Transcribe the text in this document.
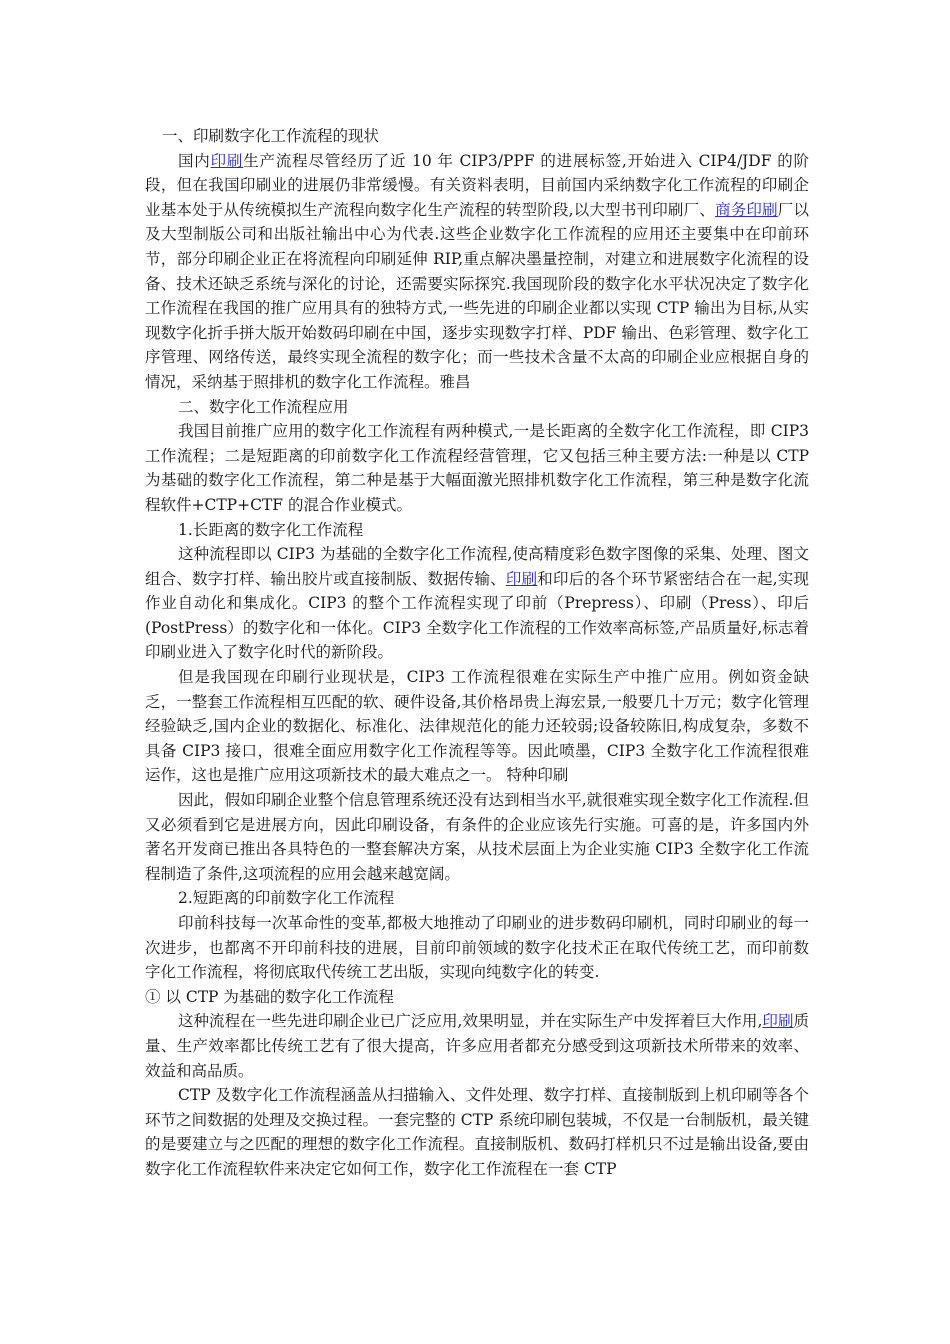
一、印刷数字化工作流程的现状

国内印刷生产流程尽管经历了近 10 年 CIP3/PPF 的进展标签,开始进入 CIP4/JDF 的阶段，但在我国印刷业的进展仍非常缓慢。有关资料表明，目前国内采纳数字化工作流程的印刷企业基本处于从传统模拟生产流程向数字化生产流程的转型阶段,以大型书刊印刷厂、商务印刷厂以及大型制版公司和出版社输出中心为代表.这些企业数字化工作流程的应用还主要集中在印前环节，部分印刷企业正在将流程向印刷延伸 RIP,重点解决墨量控制，对建立和进展数字化流程的设备、技术还缺乏系统与深化的讨论，还需要实际探究.我国现阶段的数字化水平状况决定了数字化工作流程在我国的推广应用具有的独特方式,一些先进的印刷企业都以实现 CTP 输出为目标,从实现数字化折手拼大版开始数码印刷在中国，逐步实现数字打样、PDF 输出、色彩管理、数字化工序管理、网络传送，最终实现全流程的数字化；而一些技术含量不太高的印刷企业应根据自身的情况，采纳基于照排机的数字化工作流程。雅昌

二、数字化工作流程应用

我国目前推广应用的数字化工作流程有两种模式,一是长距离的全数字化工作流程，即 CIP3 工作流程；二是短距离的印前数字化工作流程经营管理，它又包括三种主要方法:一种是以 CTP 为基础的数字化工作流程，第二种是基于大幅面激光照排机数字化工作流程，第三种是数字化流程软件+CTP+CTF 的混合作业模式。

1.长距离的数字化工作流程

这种流程即以 CIP3 为基础的全数字化工作流程,使高精度彩色数字图像的采集、处理、图文组合、数字打样、输出胶片或直接制版、数据传输、印刷和印后的各个环节紧密结合在一起,实现作业自动化和集成化。CIP3 的整个工作流程实现了印前（Prepress）、印刷（Press）、印后(PostPress）的数字化和一体化。CIP3 全数字化工作流程的工作效率高标签,产品质量好,标志着印刷业进入了数字化时代的新阶段。

但是我国现在印刷行业现状是，CIP3 工作流程很难在实际生产中推广应用。例如资金缺乏，一整套工作流程相互匹配的软、硬件设备,其价格昂贵上海宏景,一般要几十万元；数字化管理经验缺乏,国内企业的数据化、标准化、法律规范化的能力还较弱;设备较陈旧,构成复杂，多数不具备 CIP3 接口，很难全面应用数字化工作流程等等。因此喷墨，CIP3 全数字化工作流程很难运作，这也是推广应用这项新技术的最大难点之一。 特种印刷

因此，假如印刷企业整个信息管理系统还没有达到相当水平,就很难实现全数字化工作流程.但又必须看到它是进展方向，因此印刷设备，有条件的企业应该先行实施。可喜的是，许多国内外著名开发商已推出各具特色的一整套解决方案，从技术层面上为企业实施 CIP3 全数字化工作流程制造了条件,这项流程的应用会越来越宽阔。

2.短距离的印前数字化工作流程

印前科技每一次革命性的变革,都极大地推动了印刷业的进步数码印刷机，同时印刷业的每一次进步，也都离不开印前科技的进展，目前印前领域的数字化技术正在取代传统工艺，而印前数字化工作流程，将彻底取代传统工艺出版，实现向纯数字化的转变.

① 以 CTP 为基础的数字化工作流程

这种流程在一些先进印刷企业已广泛应用,效果明显，并在实际生产中发挥着巨大作用,印刷质量、生产效率都比传统工艺有了很大提高，许多应用者都充分感受到这项新技术所带来的效率、效益和高品质。

CTP 及数字化工作流程涵盖从扫描输入、文件处理、数字打样、直接制版到上机印刷等各个环节之间数据的处理及交换过程。一套完整的 CTP 系统印刷包装城，不仅是一台制版机，最关键的是要建立与之匹配的理想的数字化工作流程。直接制版机、数码打样机只不过是输出设备,要由数字化工作流程软件来决定它如何工作，数字化工作流程在一套 CTP
